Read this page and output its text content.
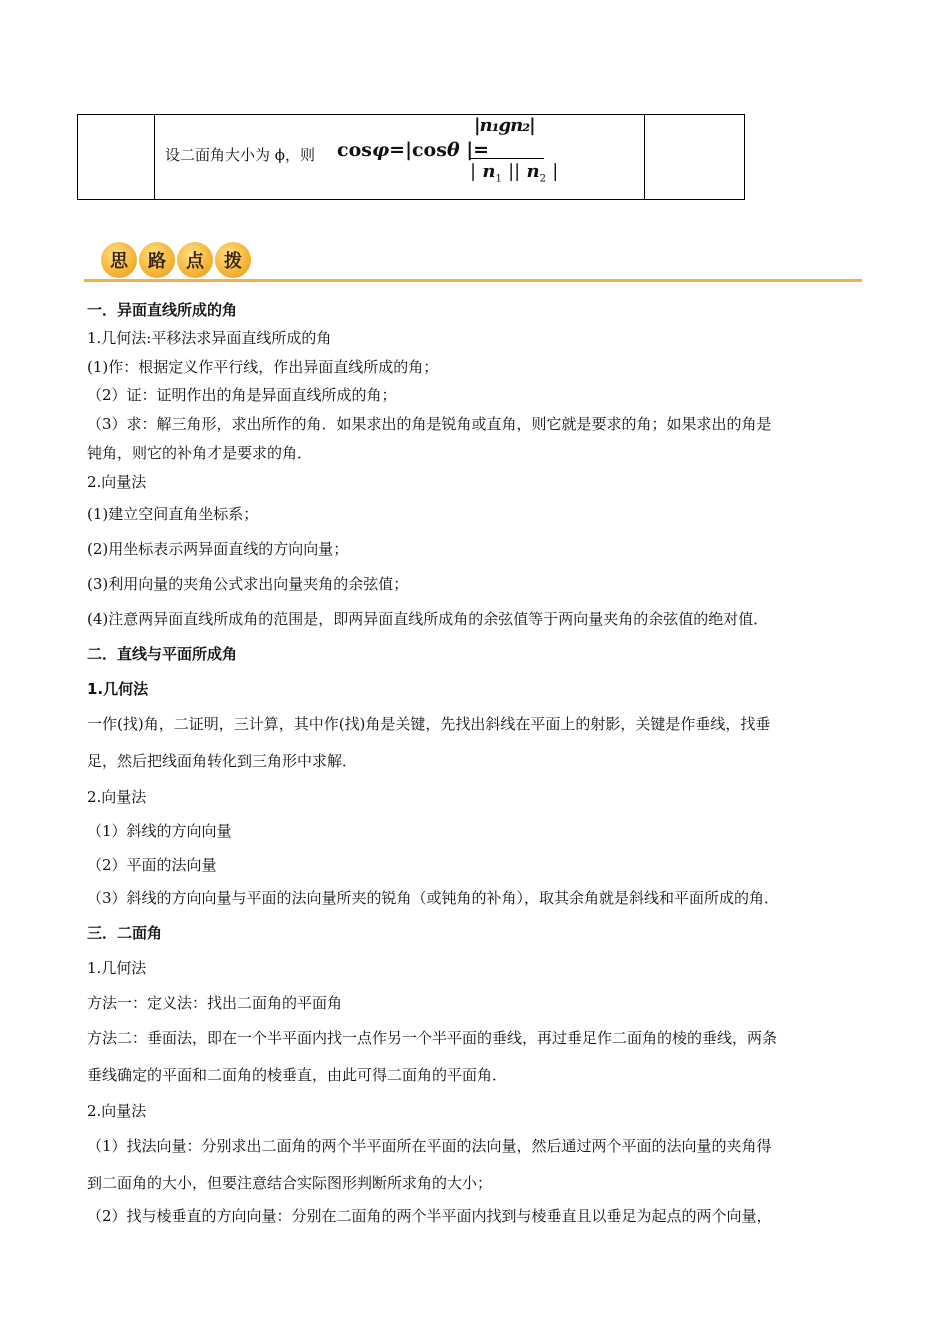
设二面角大小为 ϕ，则 cosφ=|cosθ |=
|n₁gn₂|
| $n_1$ || $n_2$ |
思	路	点	拨
一．异面直线所成的角
1.几何法:平移法求异面直线所成的角
(1)作：根据定义作平行线，作出异面直线所成的角；
（2）证：证明作出的角是异面直线所成的角；
（3）求：解三角形，求出所作的角．如果求出的角是锐角或直角，则它就是要求的角；如果求出的角是
钝角，则它的补角才是要求的角．
2.向量法
(1)建立空间直角坐标系；
(2)用坐标表示两异面直线的方向向量；
(3)利用向量的夹角公式求出向量夹角的余弦值；
(4)注意两异面直线所成角的范围是，即两异面直线所成角的余弦值等于两向量夹角的余弦值的绝对值．
二．直线与平面所成角
1.几何法
一作(找)角，二证明，三计算，其中作(找)角是关键，先找出斜线在平面上的射影，关键是作垂线，找垂
足，然后把线面角转化到三角形中求解．
2.向量法
（1）斜线的方向向量
（2）平面的法向量
（3）斜线的方向向量与平面的法向量所夹的锐角（或钝角的补角），取其余角就是斜线和平面所成的角．
三．二面角
1.几何法
方法一：定义法：找出二面角的平面角
方法二：垂面法，即在一个半平面内找一点作另一个半平面的垂线，再过垂足作二面角的棱的垂线，两条
垂线确定的平面和二面角的棱垂直，由此可得二面角的平面角．
2.向量法
（1）找法向量：分别求出二面角的两个半平面所在平面的法向量，然后通过两个平面的法向量的夹角得
到二面角的大小，但要注意结合实际图形判断所求角的大小；
（2）找与棱垂直的方向向量：分别在二面角的两个半平面内找到与棱垂直且以垂足为起点的两个向量，
